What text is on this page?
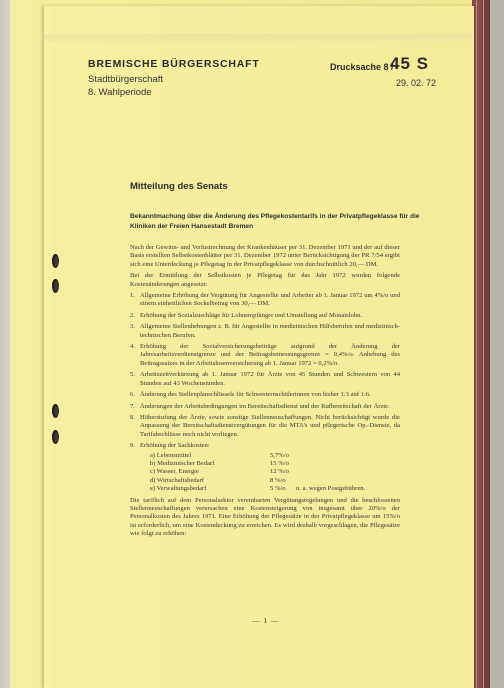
BREMISCHE BÜRGERSCHAFT
Stadtbürgerschaft
8. Wahlperiode
Drucksache 8 /
45 S
29. 02. 72
Mitteilung des Senats
Bekanntmachung über die Änderung des Pflegekostentarifs in der Privatpflegeklasse für die Kliniken der Freien Hansestadt Bremen

Nach der Gewinn- und Verlustrechnung der Krankenhäuser per 31. Dezember 1971 und der auf dieser Basis erstellten Selbstkostenblätter per 31. Dezember 1972 unter Berücksichtigung der PR 7/54 ergibt sich eine Unterdeckung je Pflegetag in der Privatpflegeklasse von durchschnittlich 20,— DM.

Bei der Ermittlung der Selbstkosten je Pflegetag für das Jahr 1972 wurden folgende Kostenänderungen angesetzt:

1. Allgemeine Erhöhung der Vergütung für Angestellte und Arbeiter ab 1. Januar 1972 um 4%/o und einem einheitlichen Sockelbetrag von 30,— DM.
2. Erhöhung der Sozialzuschläge für Lohnempfänger und Umstellung auf Monatslohn.
3. Allgemeine Stellenhebungen z. B. für Angestellte in medizinischen Hilfsberufen und medizinisch-technischen Berufen.
4. Erhöhung der Sozialversicherungsbeiträge aufgrund der Änderung der Jahresarbeitsverdienstgrenze und der Beitragsbemessungsgrenze = 0,4%/o. Anhebung des Beitragssatzes in der Arbeitslosenversicherung ab 1. Januar 1972 = 0,2%/o.
5. Arbeitszeitverkürzung ab 1. Januar 1972 für Ärzte von 45 Stunden und Schwestern von 44 Stunden auf 43 Wochenstunden.
6. Änderung des Stellenplanschlüssels für Schwesternschülerinnen von bisher 1:3 auf 1:6.
7. Änderungen der Arbeitsbedingungen im Bereitschaftsdienst und der Rufbereitschaft der Ärzte.
8. Höherstufung der Ärzte, sowie sonstige Stellenneuschaffungen. Nicht berücksichtigt wurde die Anpassung der Bereitschaftsdienstvergütungen für die MTA's und pflegerische Op.-Dienste, da Tarifabschlüsse noch nicht vorliegen.
9. Erhöhung der Sachkosten:
a) Lebensmittel	5,7%/o
b) Medizinischer Bedarf	15 %/o
c) Wasser, Energie	12 %/o
d) Wirtschaftsbedarf	8 %/o
e) Verwaltungsbedarf	5 %/o	u. a. wegen Postgebühren.

Die tariflich auf dem Personalsektor vereinbarten Vergütungsregelungen und die beschlossenen Stellenneuschaffungen verursachen eine Kostensteigerung von insgesamt über 20%/o der Personalkosten des Jahres 1971. Eine Erhöhung der Pflegesätze in der Privatpflegeklasse um 15%/o ist erforderlich, um eine Kostendeckung zu erreichen. Es wird deshalb vorgeschlagen, die Pflegesätze wie folgt zu erhöhen:

— 1 —
